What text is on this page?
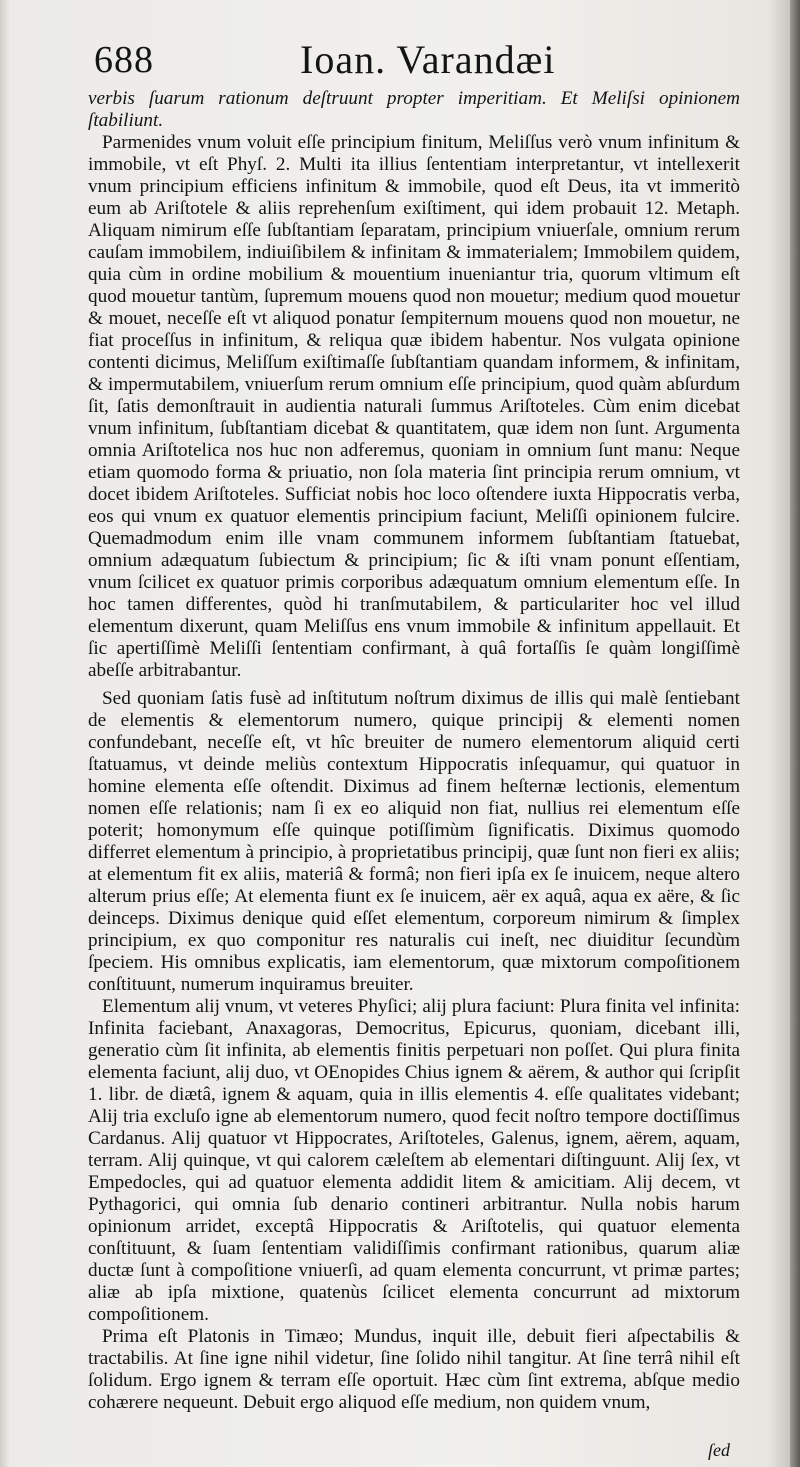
688	Ioan. Varandæi

verbis ſuarum rationum deſtruunt propter imperitiam. Et Meliſsi opinionem ſtabiliunt.

Parmenides vnum voluit eſſe principium finitum, Meliſſus verò vnum infinitum & immobile, vt eſt Phyſ. 2. Multi ita illius ſententiam interpretantur, vt intellexerit vnum principium efficiens infinitum & immobile, quod eſt Deus, ita vt immeritò eum ab Ariſtotele & aliis reprehenſum exiſtiment, qui idem probauit 12. Metaph. Aliquam nimirum eſſe ſubſtantiam ſeparatam, principium vniuerſale, omnium rerum cauſam immobilem, indiuiſibilem & infinitam & immaterialem; Immobilem quidem, quia cùm in ordine mobilium & mouentium inueniantur tria, quorum vltimum eſt quod mouetur tantùm, ſupremum mouens quod non mouetur; medium quod mouetur & mouet, neceſſe eſt vt aliquod ponatur ſempiternum mouens quod non mouetur, ne fiat proceſſus in infinitum, & reliqua quæ ibidem habentur. Nos vulgata opinione contenti dicimus, Meliſſum exiſtimaſſe ſubſtantiam quandam informem, & infinitam, & impermutabilem, vniuerſum rerum omnium eſſe principium, quod quàm abſurdum ſit, ſatis demonſtrauit in audientia naturali ſummus Ariſtoteles. Cùm enim dicebat vnum infinitum, ſubſtantiam dicebat & quantitatem, quæ idem non ſunt. Argumenta omnia Ariſtotelica nos huc non adferemus, quoniam in omnium ſunt manu: Neque etiam quomodo forma & priuatio, non ſola materia ſint principia rerum omnium, vt docet ibidem Ariſtoteles. Sufficiat nobis hoc loco oſtendere iuxta Hippocratis verba, eos qui vnum ex quatuor elementis principium faciunt, Meliſſi opinionem fulcire. Quemadmodum enim ille vnam communem informem ſubſtantiam ſtatuebat, omnium adæquatum ſubiectum & principium; ſic & iſti vnam ponunt eſſentiam, vnum ſcilicet ex quatuor primis corporibus adæquatum omnium elementum eſſe. In hoc tamen differentes, quòd hi tranſmutabilem, & particulariter hoc vel illud elementum dixerunt, quam Meliſſus ens vnum immobile & infinitum appellauit. Et ſic apertiſſimè Meliſſi ſententiam confirmant, à quâ fortaſſis ſe quàm longiſſimè abeſſe arbitrabantur.

Sed quoniam ſatis fusè ad inſtitutum noſtrum diximus de illis qui malè ſentiebant de elementis & elementorum numero, quique principij & elementi nomen confundebant, neceſſe eſt, vt hîc breuiter de numero elementorum aliquid certi ſtatuamus, vt deinde meliùs contextum Hippocratis inſequamur, qui quatuor in homine elementa eſſe oſtendit. Diximus ad finem heſternæ lectionis, elementum nomen eſſe relationis; nam ſi ex eo aliquid non fiat, nullius rei elementum eſſe poterit; homonymum eſſe quinque potiſſimùm ſignificatis. Diximus quomodo differret elementum à principio, à proprietatibus principij, quæ ſunt non fieri ex aliis; at elementum fit ex aliis, materiâ & formâ; non fieri ipſa ex ſe inuicem, neque altero alterum prius eſſe; At elementa fiunt ex ſe inuicem, aër ex aquâ, aqua ex aëre, & ſic deinceps. Diximus denique quid eſſet elementum, corporeum nimirum & ſimplex principium, ex quo componitur res naturalis cui ineſt, nec diuiditur ſecundùm ſpeciem. His omnibus explicatis, iam elementorum, quæ mixtorum compoſitionem conſtituunt, numerum inquiramus breuiter.

Elementum alij vnum, vt veteres Phyſici; alij plura faciunt: Plura finita vel infinita: Infinita faciebant, Anaxagoras, Democritus, Epicurus, quoniam, dicebant illi, generatio cùm ſit infinita, ab elementis finitis perpetuari non poſſet. Qui plura finita elementa faciunt, alij duo, vt OEnopides Chius ignem & aërem, & author qui ſcripſit 1. libr. de diætâ, ignem & aquam, quia in illis elementis 4. eſſe qualitates videbant; Alij tria excluſo igne ab elementorum numero, quod fecit noſtro tempore doctiſſimus Cardanus. Alij quatuor vt Hippocrates, Ariſtoteles, Galenus, ignem, aërem, aquam, terram. Alij quinque, vt qui calorem cæleſtem ab elementari diſtinguunt. Alij ſex, vt Empedocles, qui ad quatuor elementa addidit litem & amicitiam. Alij decem, vt Pythagorici, qui omnia ſub denario contineri arbitrantur. Nulla nobis harum opinionum arridet, exceptâ Hippocratis & Ariſtotelis, qui quatuor elementa conſtituunt, & ſuam ſententiam validiſſimis confirmant rationibus, quarum aliæ ductæ ſunt à compoſitione vniuerſi, ad quam elementa concurrunt, vt primæ partes; aliæ ab ipſa mixtione, quatenùs ſcilicet elementa concurrunt ad mixtorum compoſitionem.

Prima eſt Platonis in Timæo; Mundus, inquit ille, debuit fieri aſpectabilis & tractabilis. At ſine igne nihil videtur, ſine ſolido nihil tangitur. At ſine terrâ nihil eſt ſolidum. Ergo ignem & terram eſſe oportuit. Hæc cùm ſint extrema, abſque medio cohærere nequeunt. Debuit ergo aliquod eſſe medium, non quidem vnum,

ſed
